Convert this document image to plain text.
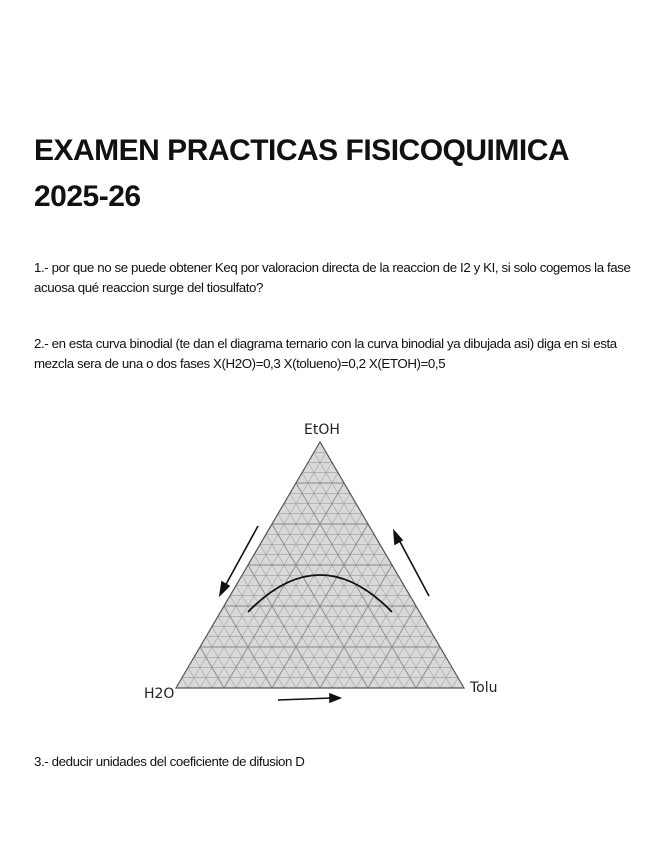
EXAMEN PRACTICAS FISICOQUIMICA 2025-26

1.- por que no se puede obtener Keq por valoracion directa de la reaccion de I2 y KI, si solo cogemos la fase acuosa qué reaccion surge del tiosulfato?

2.- en esta curva binodial (te dan el diagrama ternario con la curva binodial ya dibujada asi) diga en si esta mezcla sera de una o dos fases X(H2O)=0,3 X(tolueno)=0,2 X(ETOH)=0,5

EtOH
H2O	Tolu

3.- deducir unidades del coeficiente de difusion D
